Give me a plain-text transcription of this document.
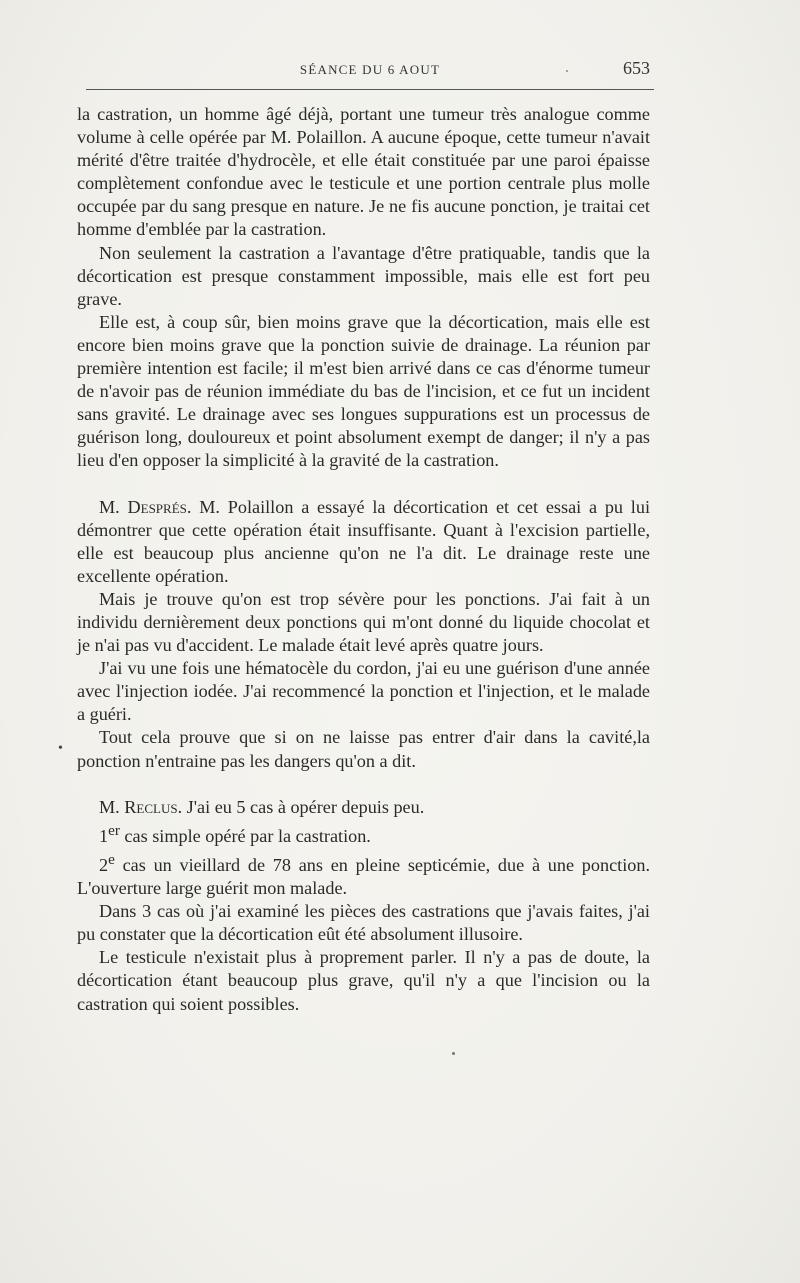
SÉANCE DU 6 AOUT	653

la castration, un homme âgé déjà, portant une tumeur très analogue comme volume à celle opérée par M. Polaillon. A aucune époque, cette tumeur n'avait mérité d'être traitée d'hydrocèle, et elle était constituée par une paroi épaisse complètement confondue avec le testicule et une portion centrale plus molle occupée par du sang presque en nature. Je ne fis aucune ponction, je traitai cet homme d'emblée par la castration.

Non seulement la castration a l'avantage d'être pratiquable, tandis que la décortication est presque constamment impossible, mais elle est fort peu grave.

Elle est, à coup sûr, bien moins grave que la décortication, mais elle est encore bien moins grave que la ponction suivie de drainage. La réunion par première intention est facile; il m'est bien arrivé dans ce cas d'énorme tumeur de n'avoir pas de réunion immédiate du bas de l'incision, et ce fut un incident sans gravité. Le drainage avec ses longues suppurations est un processus de guérison long, douloureux et point absolument exempt de danger; il n'y a pas lieu d'en opposer la simplicité à la gravité de la castration.

M. Després. M. Polaillon a essayé la décortication et cet essai a pu lui démontrer que cette opération était insuffisante. Quant à l'excision partielle, elle est beaucoup plus ancienne qu'on ne l'a dit. Le drainage reste une excellente opération.

Mais je trouve qu'on est trop sévère pour les ponctions. J'ai fait à un individu dernièrement deux ponctions qui m'ont donné du liquide chocolat et je n'ai pas vu d'accident. Le malade était levé après quatre jours.

J'ai vu une fois une hématocèle du cordon, j'ai eu une guérison d'une année avec l'injection iodée. J'ai recommencé la ponction et l'injection, et le malade a guéri.

Tout cela prouve que si on ne laisse pas entrer d'air dans la cavité,la ponction n'entraine pas les dangers qu'on a dit.

M. Reclus. J'ai eu 5 cas à opérer depuis peu.

1er cas simple opéré par la castration.

2e cas un vieillard de 78 ans en pleine septicémie, due à une ponction. L'ouverture large guérit mon malade.

Dans 3 cas où j'ai examiné les pièces des castrations que j'avais faites, j'ai pu constater que la décortication eût été absolument illusoire.

Le testicule n'existait plus à proprement parler. Il n'y a pas de doute, la décortication étant beaucoup plus grave, qu'il n'y a que l'incision ou la castration qui soient possibles.

•
